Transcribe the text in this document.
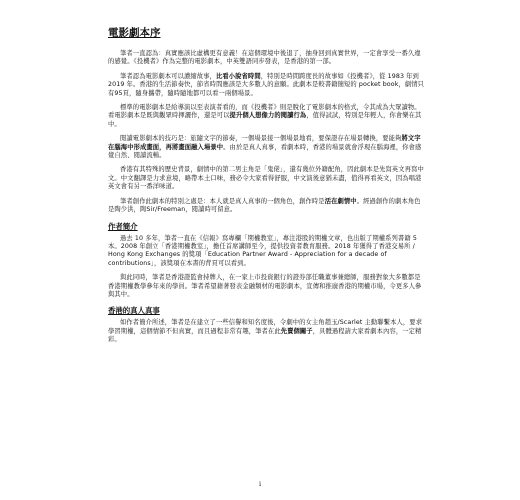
電影劇本序

筆者一直認為：真實應該比虛構更有意義！在這個環境中後退了，抽身回到真實世界，一定會享受一番久違的感覺。《投機者》作為完整的電影劇本，中英雙語同步發表，是香港的第一部。

筆者認為電影劇本可以濃縮故事，比看小說省時間，特別是時間跨度長的故事如《投機者》，從 1983 年到 2019 年。香港的生活節奏快，節省時間應該是大多數人的意願。此劇本是較書籍簡短的 pocket book，劇情只有95頁，隨身攜帶，隨時隨地都可以看一兩個場景。

標準的電影劇本是給導演以至表演者看的，而《投機者》則是脫化了電影劇本的格式，令其成為大眾讀物。看電影劇本是既與觀眾時揮灑作，還是可以提升個人想像力的閱讀行為，值得試試，特別是年輕人，你會樂在其中。

閱讀電影劇本的技巧是：旅隨文字的節奏，一個場景接一個場景地看，要保證存在場景轉換，要能夠將文字在腦海中形成畫面，再將畫面融入場景中。由於是真人真事，看劇本時，香港的場景就會浮現在腦海裡，你會感覺自然、閱讀流暢。

香港有其特殊的歷史背景，劇情中的第二男主角是「鬼佬」，還有幾位外籍配角，因此劇本是先寫英文再寫中文。中文翻譯是力求意境，略帶本土口味，務必令大家看得舒服，中文演後意猶未盡，值得再看英文，因為唱港英文會有另一番洋味道。

筆者創作此劇本的特別之處是：本人就是真人真事的一個角色，創作時是活在劇情中。經過創作的劇本角色是陶少洪，陶Sir/Freeman，閱讀時可留意。

作者簡介

過去 10 多年，筆者一直在《信報》寫專欄「期權教室」，專注港股的期權文章，也出版了期權系列書籍 5 本。2008 年創立「香港期權教室」，擔任首席講師至今，提供投資者教育服務。2018 年獲得了香港交易所 / Hong Kong Exchanges 的獎項「Education Partner Award - Appreciation for a decade of contributions」，該獎項在本書的背頁可以看到。

與此同時，筆者是香港證監會持牌人，在一家上市投資銀行的證券部任職董事兼總師，服務對象大多數都是香港期權教學參年來的學員。筆者希望藉著發表金融類材的電影劇本，宣傳和推廣香港的期權市場，令更多人參與其中。

香港的真人真事

如作者簡介所述，筆者是在建立了一些信譽和知名度後，令劇中的女主角趙玉/Scarlet 主動聯繫本人，要求學習期權，這個情節不但真實，而且過程非常有趣，筆者在此先賣個關子，具體過程請大家看劇本內容，一定精彩。

i
